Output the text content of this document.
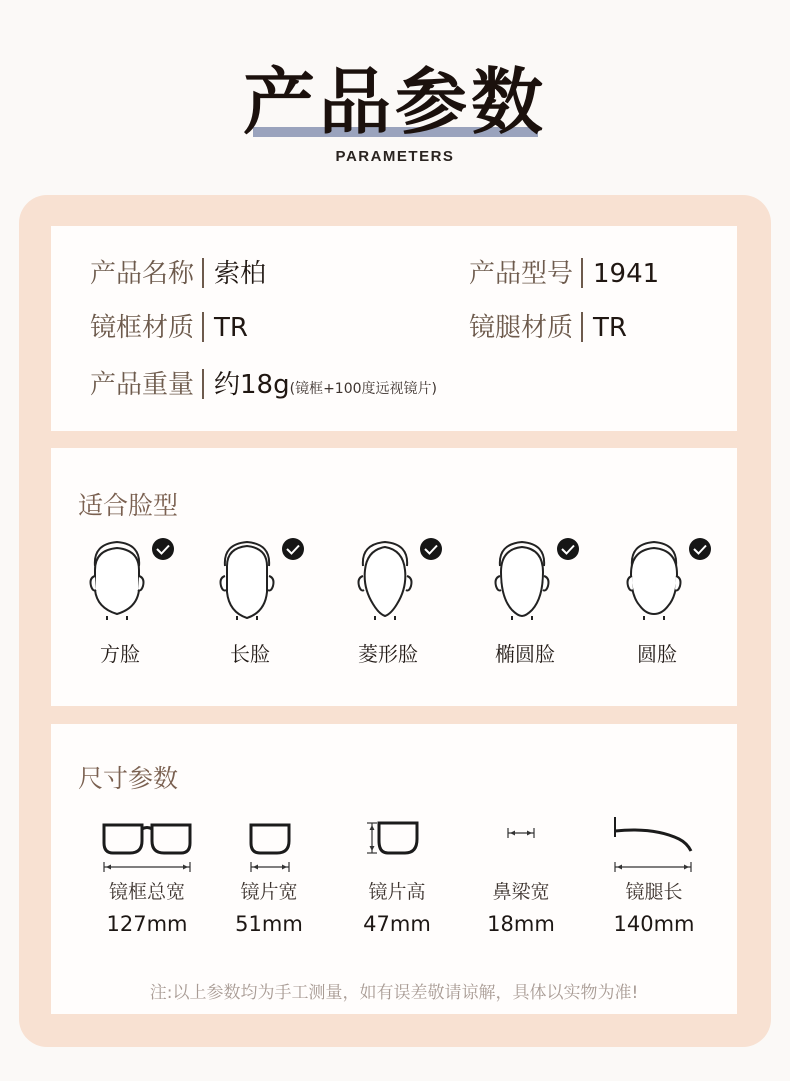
产品参数
PARAMETERS
产品名称 索柏	产品型号 1941
镜框材质 TR	镜腿材质 TR
产品重量 约18g(镜框+100度远视镜片)
适合脸型
方脸	长脸	菱形脸	椭圆脸	圆脸
尺寸参数
镜框总宽
127mm
镜片宽
51mm
镜片高
47mm
鼻梁宽
18mm
镜腿长
140mm
注:以上参数均为手工测量，如有误差敬请谅解，具体以实物为准!
